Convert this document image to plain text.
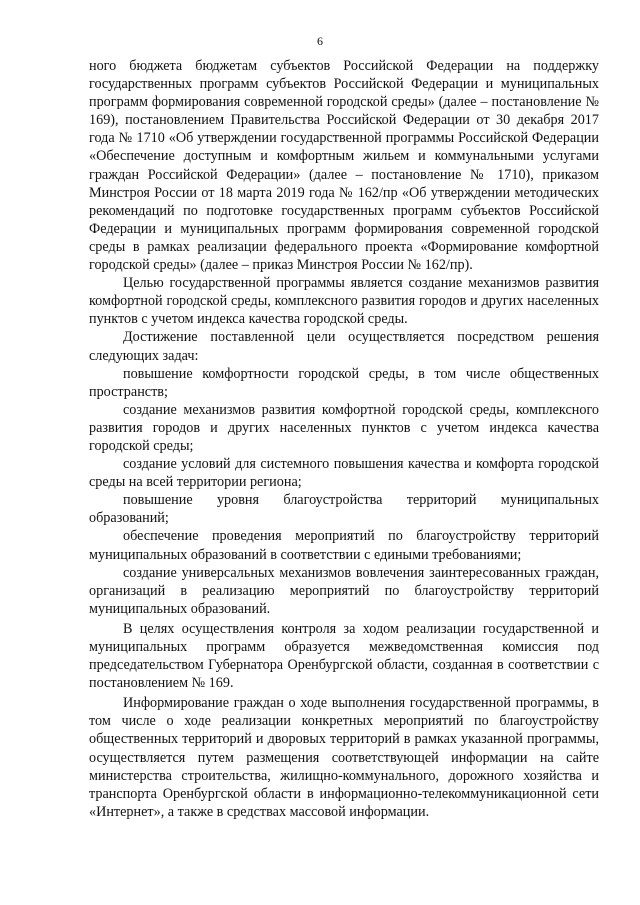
6

ного бюджета бюджетам субъектов Российской Федерации на поддержку государственных программ субъектов Российской Федерации и муниципальных программ формирования современной городской среды» (далее – постановление № 169), постановлением Правительства Российской Федерации от 30 декабря 2017 года № 1710 «Об утверждении государственной программы Российской Федерации «Обеспечение доступным и комфортным жильем и коммунальными услугами граждан Российской Федерации» (далее – постановление № 1710), приказом Минстроя России от 18 марта 2019 года № 162/пр «Об утверждении методических рекомендаций по подготовке государственных программ субъектов Российской Федерации и муниципальных программ формирования современной городской среды в рамках реализации федерального проекта «Формирование комфортной городской среды» (далее – приказ Минстроя России № 162/пр).

Целью государственной программы является создание механизмов развития комфортной городской среды, комплексного развития городов и других населенных пунктов с учетом индекса качества городской среды.

Достижение поставленной цели осуществляется посредством решения следующих задач:

повышение комфортности городской среды, в том числе общественных пространств;

создание механизмов развития комфортной городской среды, комплексного развития городов и других населенных пунктов с учетом индекса качества городской среды;

создание условий для системного повышения качества и комфорта городской среды на всей территории региона;

повышение уровня благоустройства территорий муниципальных образований;

обеспечение проведения мероприятий по благоустройству территорий муниципальных образований в соответствии с едиными требованиями;

создание универсальных механизмов вовлечения заинтересованных граждан, организаций в реализацию мероприятий по благоустройству территорий муниципальных образований.

В целях осуществления контроля за ходом реализации государственной и муниципальных программ образуется межведомственная комиссия под председательством Губернатора Оренбургской области, созданная в соответствии с постановлением № 169.

Информирование граждан о ходе выполнения государственной программы, в том числе о ходе реализации конкретных мероприятий по благоустройству общественных территорий и дворовых территорий в рамках указанной программы, осуществляется путем размещения соответствующей информации на сайте министерства строительства, жилищно-коммунального, дорожного хозяйства и транспорта Оренбургской области в информационно-телекоммуникационной сети «Интернет», а также в средствах массовой информации.
